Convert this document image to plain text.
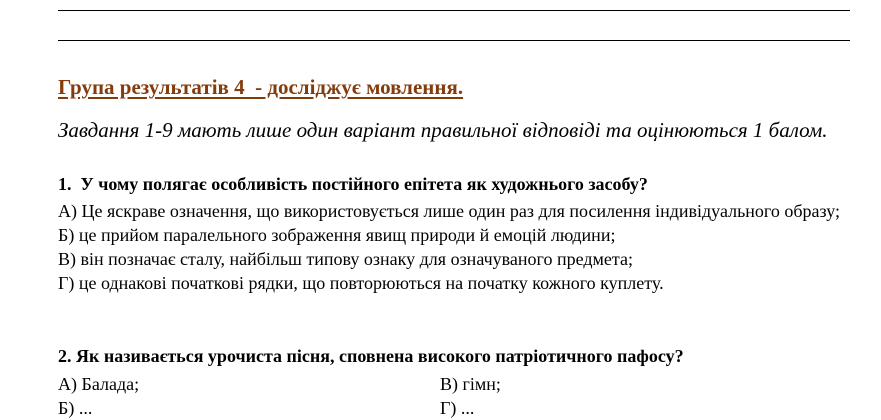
Група результатів 4  - досліджує мовлення.
Завдання 1-9 мають лише один варіант правильної відповіді та оцінюються 1 балом.
1.  У чому полягає особливість постійного епітета як художнього засобу?
А) Це яскраве означення, що використовується лише один раз для посилення індивідуального образу;
Б) це прийом паралельного зображення явищ природи й емоцій людини;
В) він позначає сталу, найбільш типову ознаку для означуваного предмета;
Г) це однакові початкові рядки, що повторюються на початку кожного куплету.
2. Як називається урочиста пісня, сповнена високого патріотичного пафосу?
А) Балада;	В) гімн;
Б) ...	Г) ...
